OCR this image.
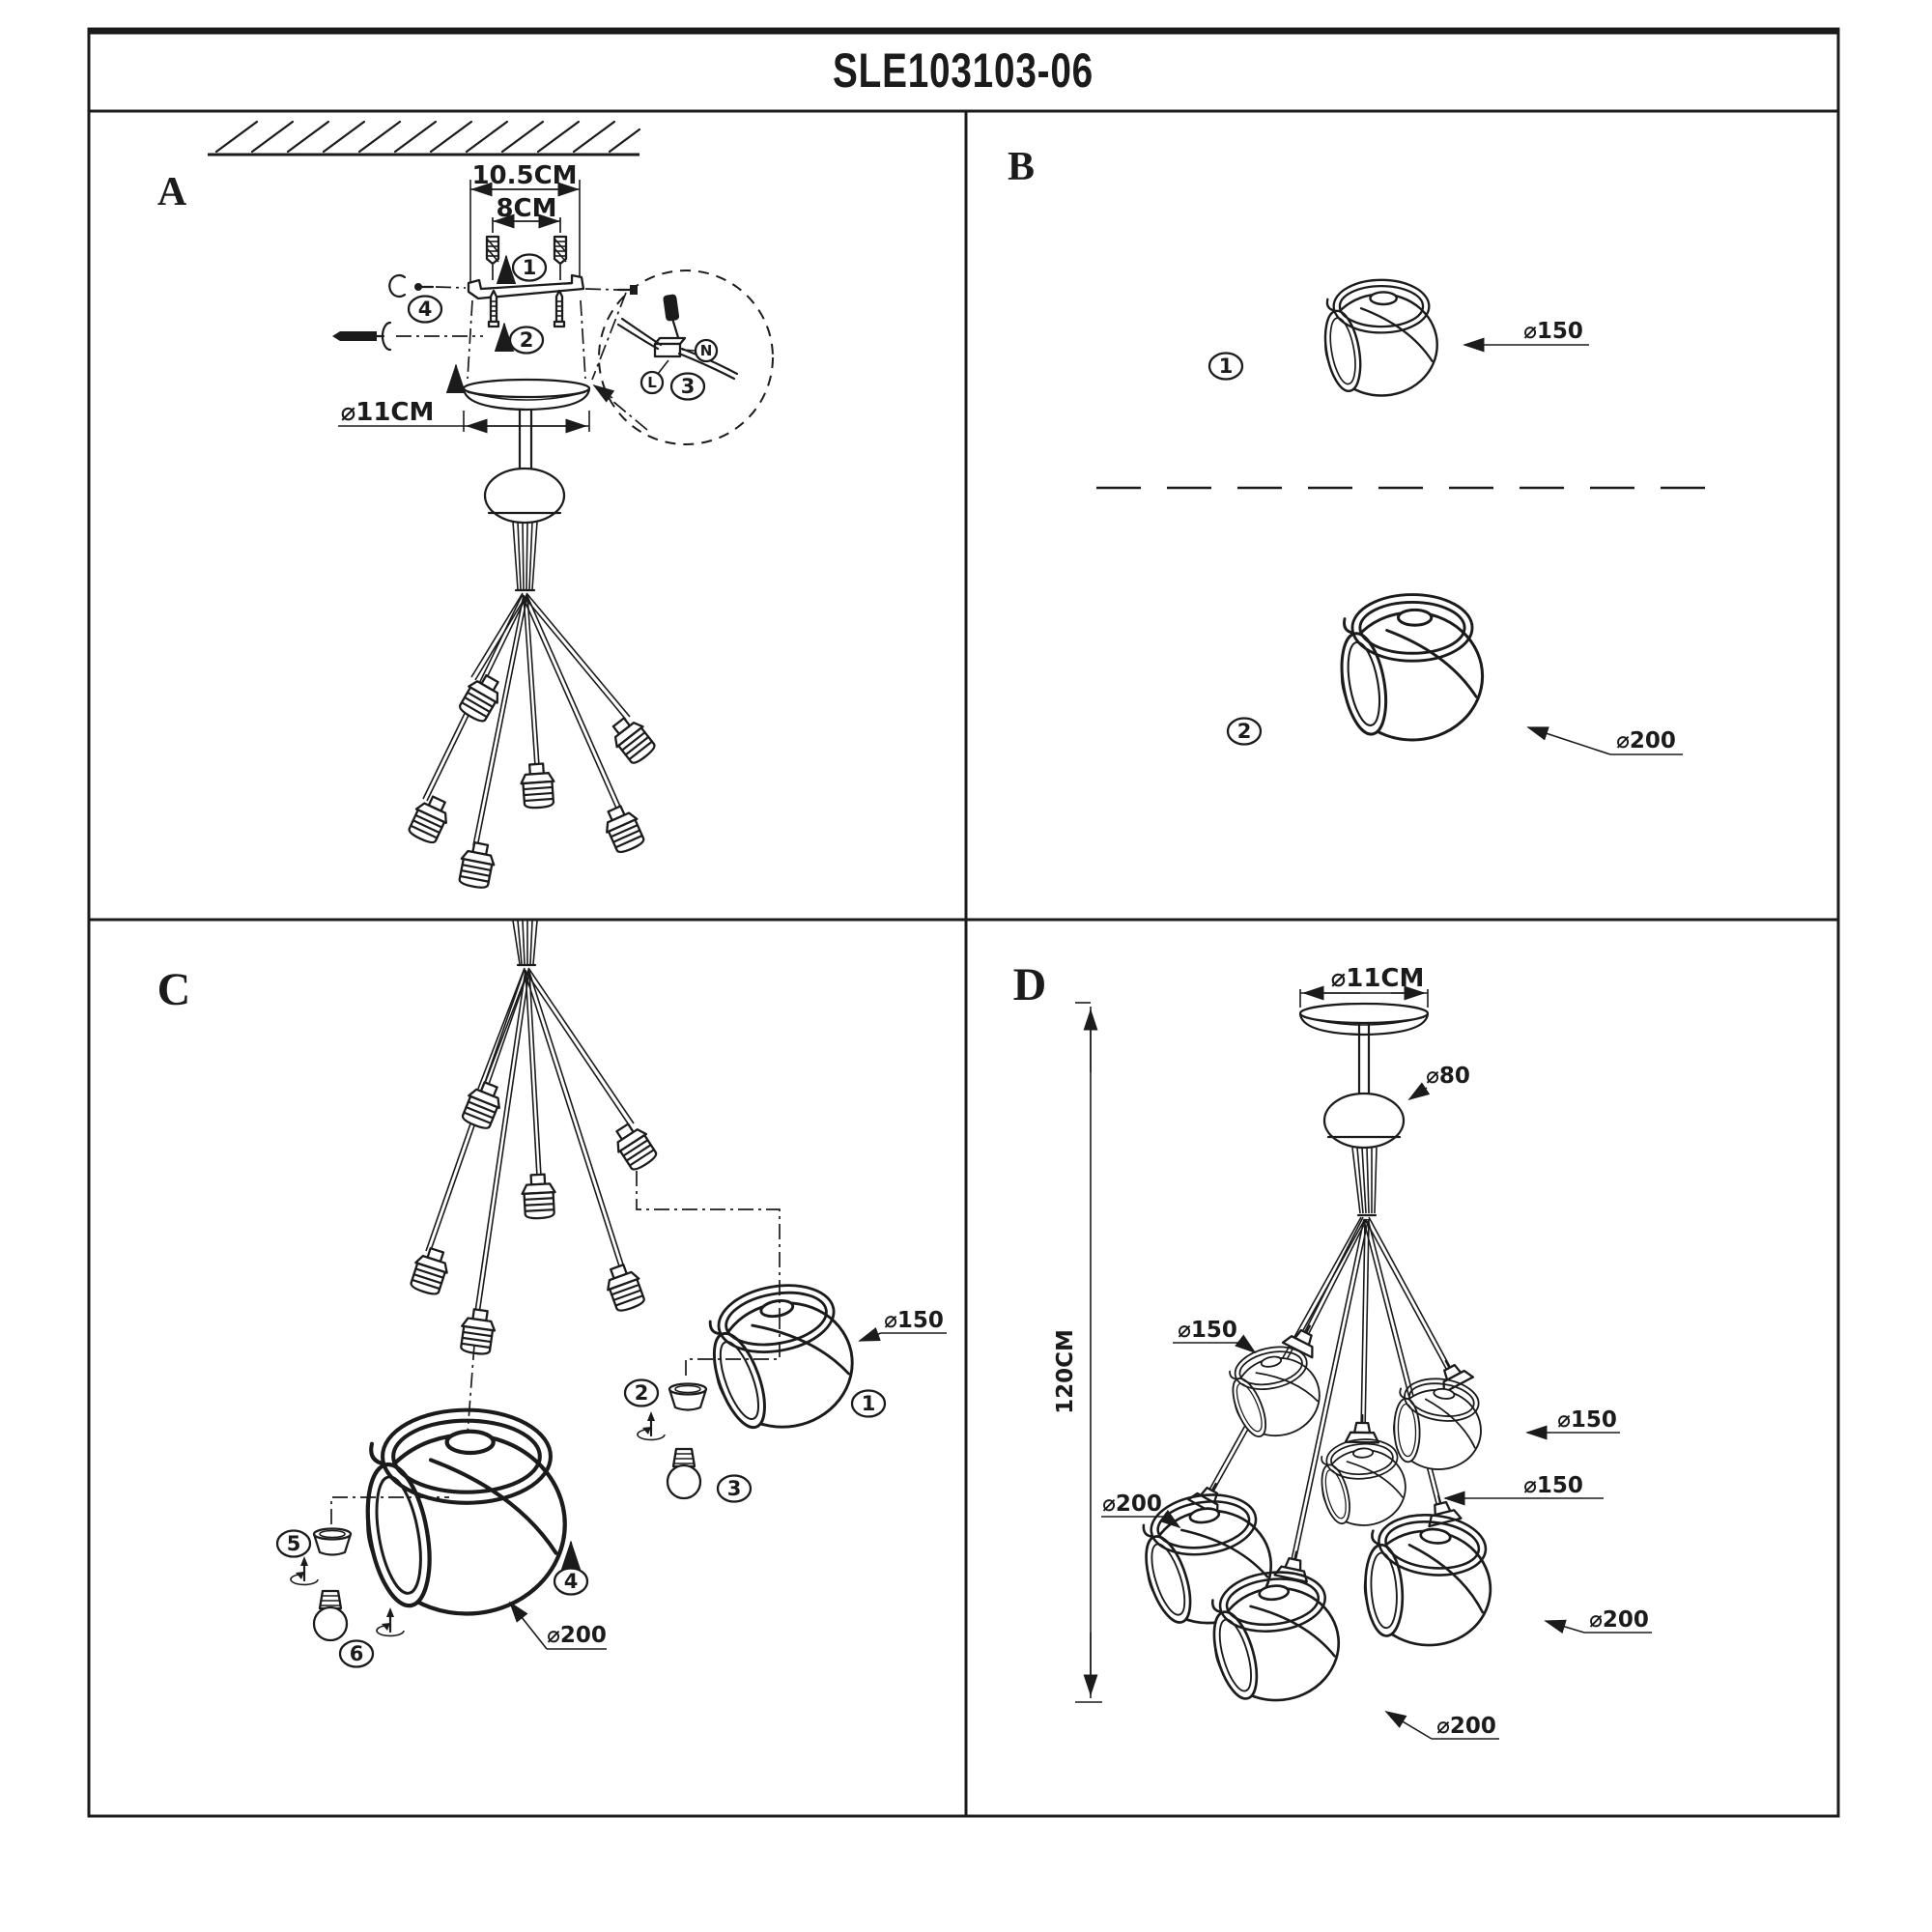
SLE103103-06
A	10.5CM
8CM
1
4
2
⌀11CM
N
L 3
B
1
⌀150
2	⌀200
C
⌀150
1
2
3
5
6
4
⌀200
D
120CM
⌀11CM
⌀80
⌀150
⌀150
⌀150
⌀200
⌀200
⌀200
